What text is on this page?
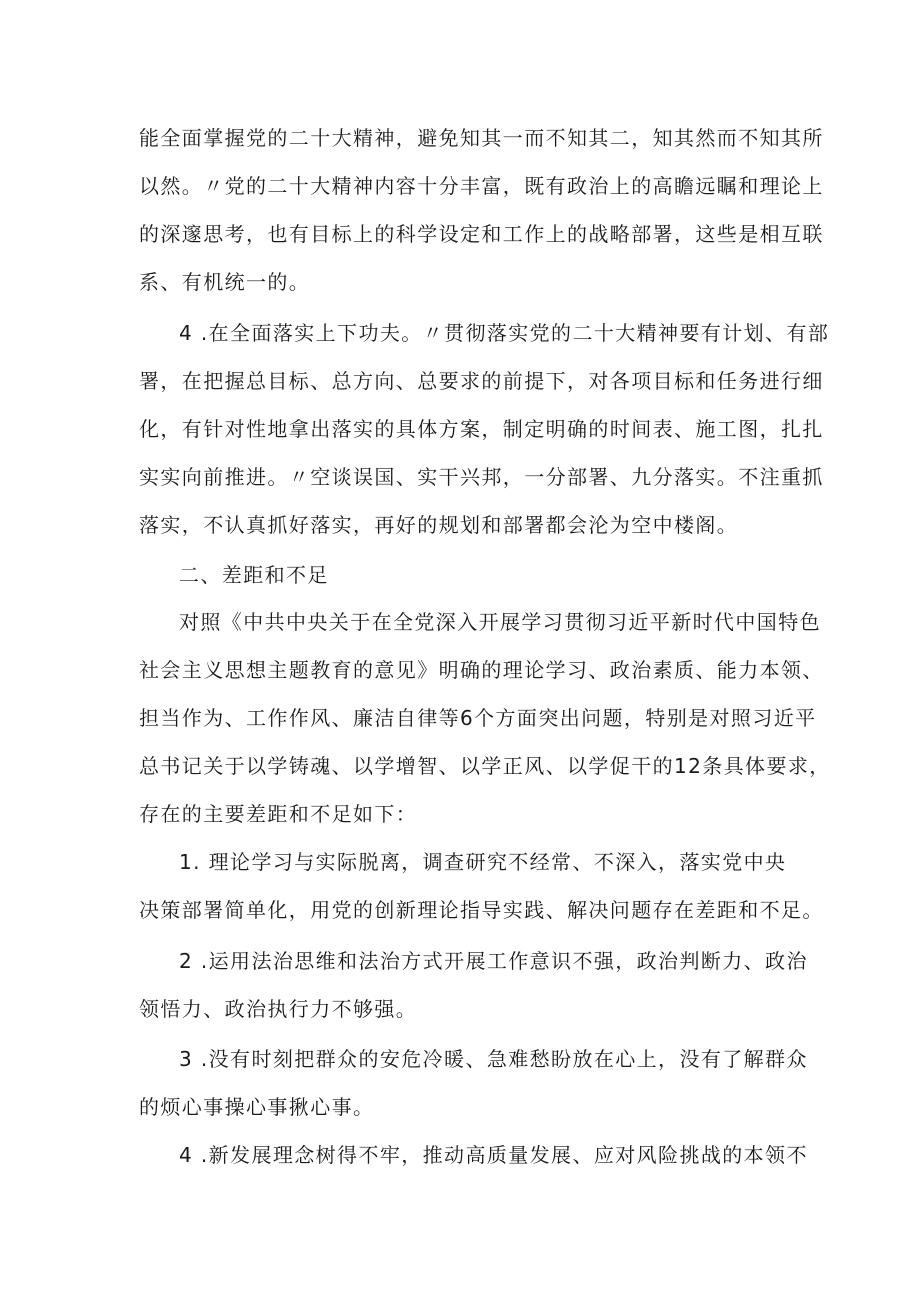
能全面掌握党的二十大精神，避免知其一而不知其二，知其然而不知其所
以然。〃党的二十大精神内容十分丰富，既有政治上的高瞻远瞩和理论上
的深邃思考，也有目标上的科学设定和工作上的战略部署，这些是相互联
系、有机统一的。

4 .在全面落实上下功夫。〃贯彻落实党的二十大精神要有计划、有部
署，在把握总目标、总方向、总要求的前提下，对各项目标和任务进行细
化，有针对性地拿出落实的具体方案，制定明确的时间表、施工图，扎扎
实实向前推进。〃空谈误国、实干兴邦，一分部署、九分落实。不注重抓
落实，不认真抓好落实，再好的规划和部署都会沦为空中楼阁。

二、差距和不足

对照《中共中央关于在全党深入开展学习贯彻习近平新时代中国特色
社会主义思想主题教育的意见》明确的理论学习、政治素质、能力本领、
担当作为、工作作风、廉洁自律等6个方面突出问题，特别是对照习近平
总书记关于以学铸魂、以学增智、以学正风、以学促干的12条具体要求，
存在的主要差距和不足如下：

1. 理论学习与实际脱离，调查研究不经常、不深入，落实党中央
决策部署简单化，用党的创新理论指导实践、解决问题存在差距和不足。

2 .运用法治思维和法治方式开展工作意识不强，政治判断力、政治
领悟力、政治执行力不够强。

3 .没有时刻把群众的安危冷暖、急难愁盼放在心上，没有了解群众
的烦心事操心事揪心事。

4 .新发展理念树得不牢，推动高质量发展、应对风险挑战的本领不
